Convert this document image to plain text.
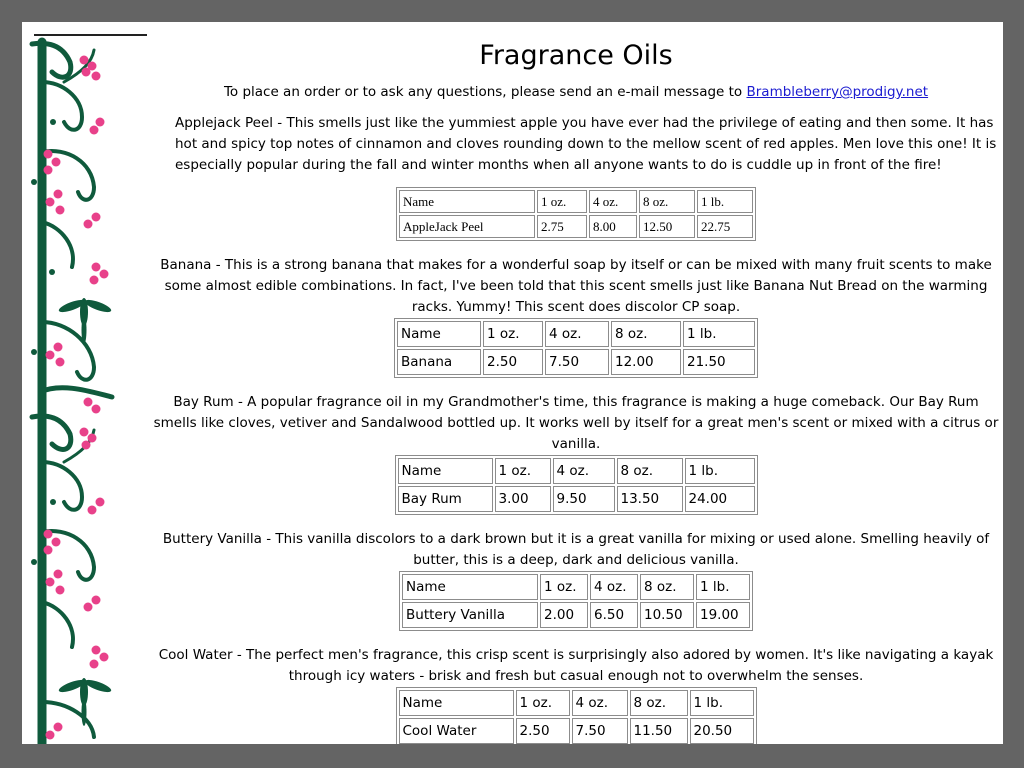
Fragrance Oils

To place an order or to ask any questions, please send an e-mail message to Brambleberry@prodigy.net

Applejack Peel - This smells just like the yummiest apple you have ever had the privilege of eating and then some. It has hot and spicy top notes of cinnamon and cloves rounding down to the mellow scent of red apples. Men love this one! It is especially popular during the fall and winter months when all anyone wants to do is cuddle up in front of the fire!

Name	1 oz.	4 oz.	8 oz.	1 lb.
AppleJack Peel	2.75	8.00	12.50	22.75

Banana - This is a strong banana that makes for a wonderful soap by itself or can be mixed with many fruit scents to make some almost edible combinations. In fact, I've been told that this scent smells just like Banana Nut Bread on the warming racks. Yummy! This scent does discolor CP soap.

Name	1 oz.	4 oz.	8 oz.	1 lb.
Banana	2.50	7.50	12.00	21.50

Bay Rum - A popular fragrance oil in my Grandmother's time, this fragrance is making a huge comeback. Our Bay Rum smells like cloves, vetiver and Sandalwood bottled up. It works well by itself for a great men's scent or mixed with a citrus or vanilla.

Name	1 oz.	4 oz.	8 oz.	1 lb.
Bay Rum	3.00	9.50	13.50	24.00

Buttery Vanilla - This vanilla discolors to a dark brown but it is a great vanilla for mixing or used alone. Smelling heavily of butter, this is a deep, dark and delicious vanilla.

Name	1 oz.	4 oz.	8 oz.	1 lb.
Buttery Vanilla	2.00	6.50	10.50	19.00

Cool Water - The perfect men's fragrance, this crisp scent is surprisingly also adored by women. It's like navigating a kayak through icy waters - brisk and fresh but casual enough not to overwhelm the senses.

Name	1 oz.	4 oz.	8 oz.	1 lb.
Cool Water	2.50	7.50	11.50	20.50
